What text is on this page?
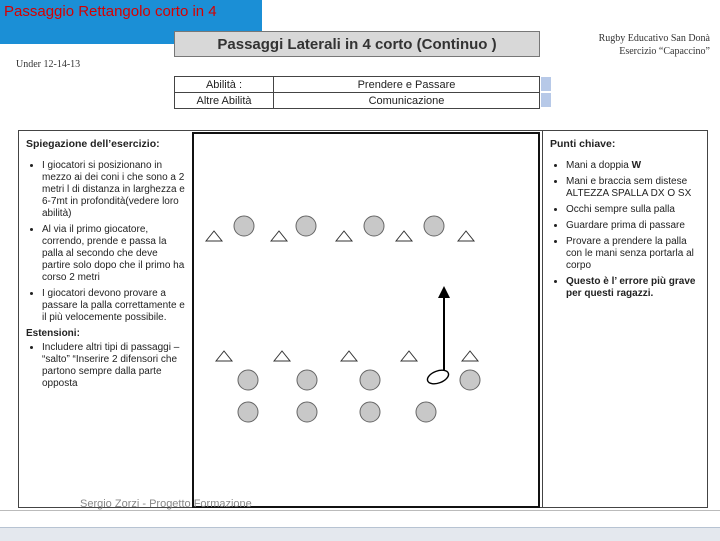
Passaggio Rettangolo corto in 4
Passaggi Laterali in 4 corto (Continuo )	Rugby Educativo San Donà
Esercizio “Capaccino”
Under 12-14-13
Abilità :	Prendere e Passare
Altre Abilità	Comunicazione
Spiegazione dell’esercizio:
• I giocatori si posizionano in mezzo ai dei coni i che sono a 2 metri l di distanza in larghezza e 6-7mt in profondità(vedere loro abilità)
• Al via il primo giocatore, correndo, prende e passa la palla al secondo che deve partire solo dopo che il primo ha corso 2 metri
• I giocatori devono provare a passare la palla correttamente e il più velocemente possibile.
Estensioni:
• Includere altri tipi di passaggi – “salto” “Inserire 2 difensori che partono sempre dalla parte opposta
Punti chiave:
• Mani a doppia W
• Mani e braccia sem distese ALTEZZA SPALLA DX O SX
• Occhi sempre sulla palla
• Guardare prima di passare
• Provare a prendere la palla con le mani senza portarla al corpo
• Questo è l’ errore più grave per questi ragazzi.
Sergio Zorzi - Progetto Formazione
